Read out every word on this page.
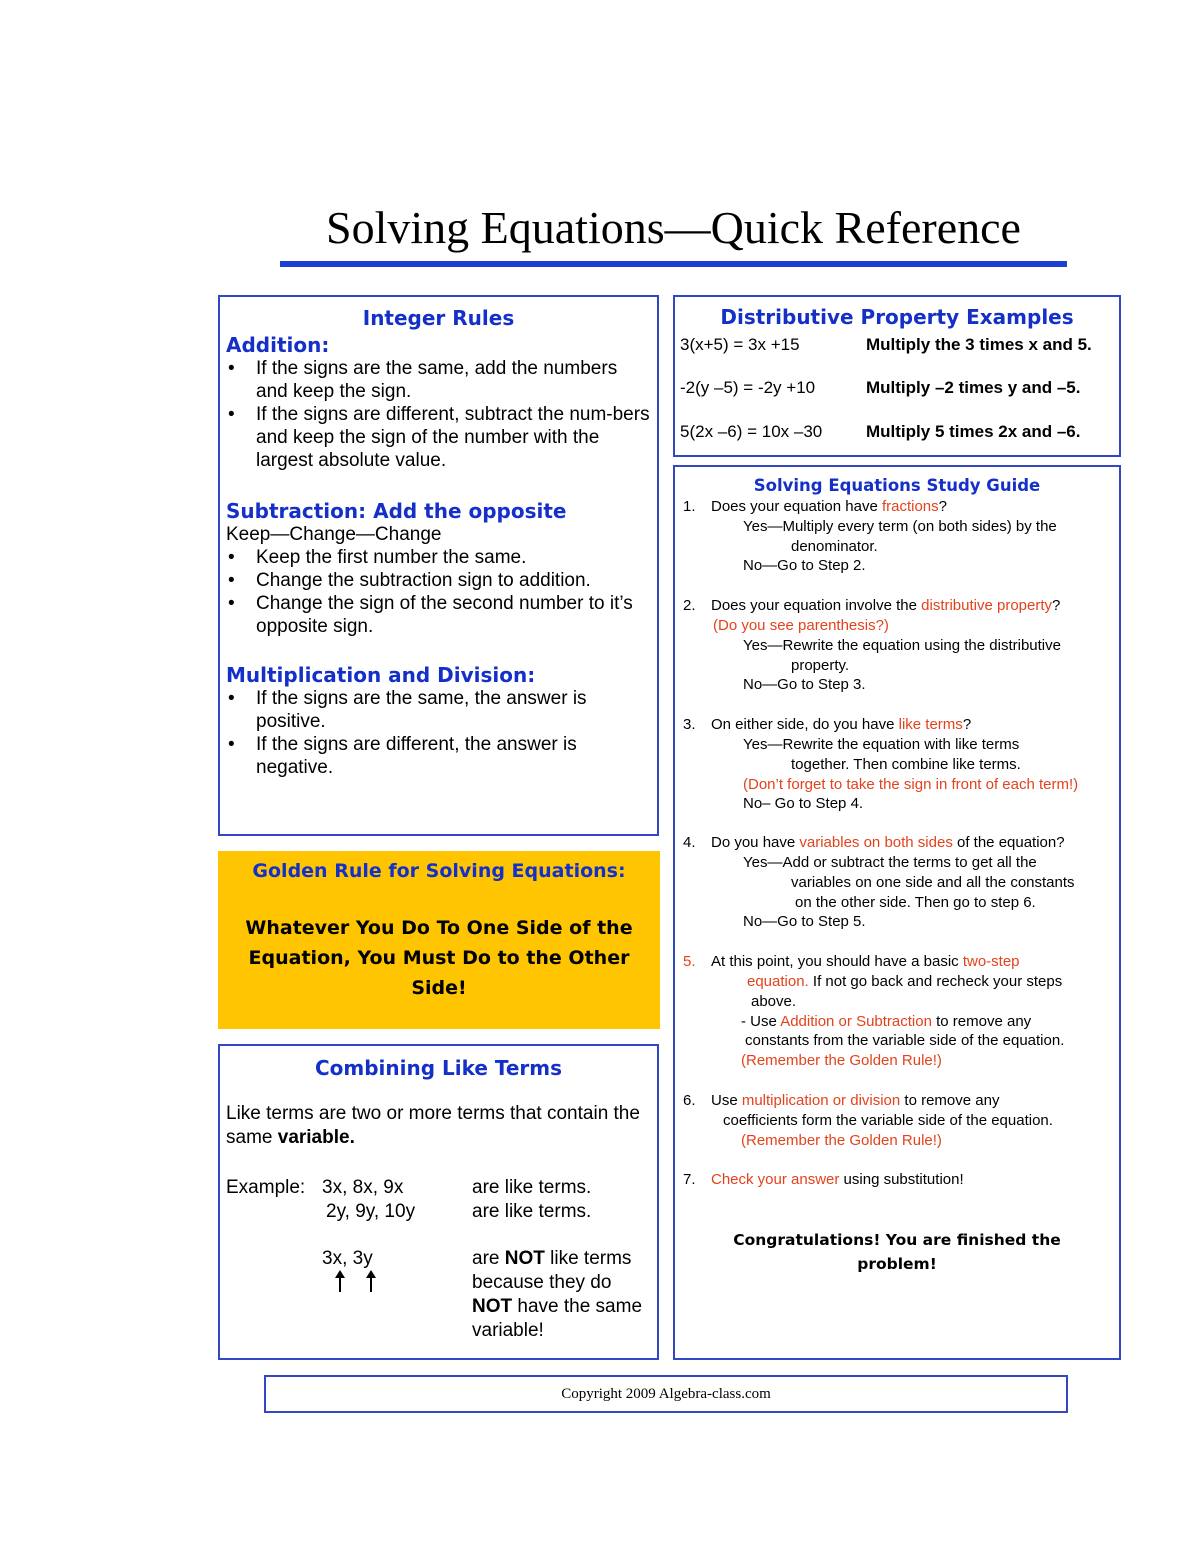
Solving Equations—Quick Reference
Integer Rules
Addition:
• If the signs are the same, add the numbers and keep the sign.
• If the signs are different, subtract the num-bers and keep the sign of the number with the largest absolute value.
Subtraction: Add the opposite
Keep—Change—Change
• Keep the first number the same.
• Change the subtraction sign to addition.
• Change the sign of the second number to it’s opposite sign.
Multiplication and Division:
• If the signs are the same, the answer is positive.
• If the signs are different, the answer is negative.
Golden Rule for Solving Equations:
Whatever You Do To One Side of the Equation, You Must Do to the Other Side!
Combining Like Terms
Like terms are two or more terms that contain the same variable.
Example: 3x, 8x, 9x	are like terms.
2y, 9y, 10y	are like terms.
3x, 3y	are NOT like terms because they do NOT have the same variable!
Distributive Property Examples
3(x+5) = 3x +15	Multiply the 3 times x and 5.
-2(y –5) = -2y +10	Multiply –2 times y and –5.
5(2x –6) = 10x –30	Multiply 5 times 2x and –6.
Solving Equations Study Guide
1. Does your equation have fractions?
Yes—Multiply every term (on both sides) by the
denominator.
No—Go to Step 2.
2. Does your equation involve the distributive property?
(Do you see parenthesis?)
Yes—Rewrite the equation using the distributive
property.
No—Go to Step 3.
3. On either side, do you have like terms?
Yes—Rewrite the equation with like terms
together. Then combine like terms.
(Don’t forget to take the sign in front of each term!)
No– Go to Step 4.
4. Do you have variables on both sides of the equation?
Yes—Add or subtract the terms to get all the
variables on one side and all the constants
on the other side. Then go to step 6.
No—Go to Step 5.
5. At this point, you should have a basic two-step
equation. If not go back and recheck your steps
above.
- Use Addition or Subtraction to remove any
constants from the variable side of the equation.
(Remember the Golden Rule!)
6. Use multiplication or division to remove any
coefficients form the variable side of the equation.
(Remember the Golden Rule!)
7. Check your answer using substitution!
Congratulations! You are finished the problem!
Copyright 2009 Algebra-class.com
